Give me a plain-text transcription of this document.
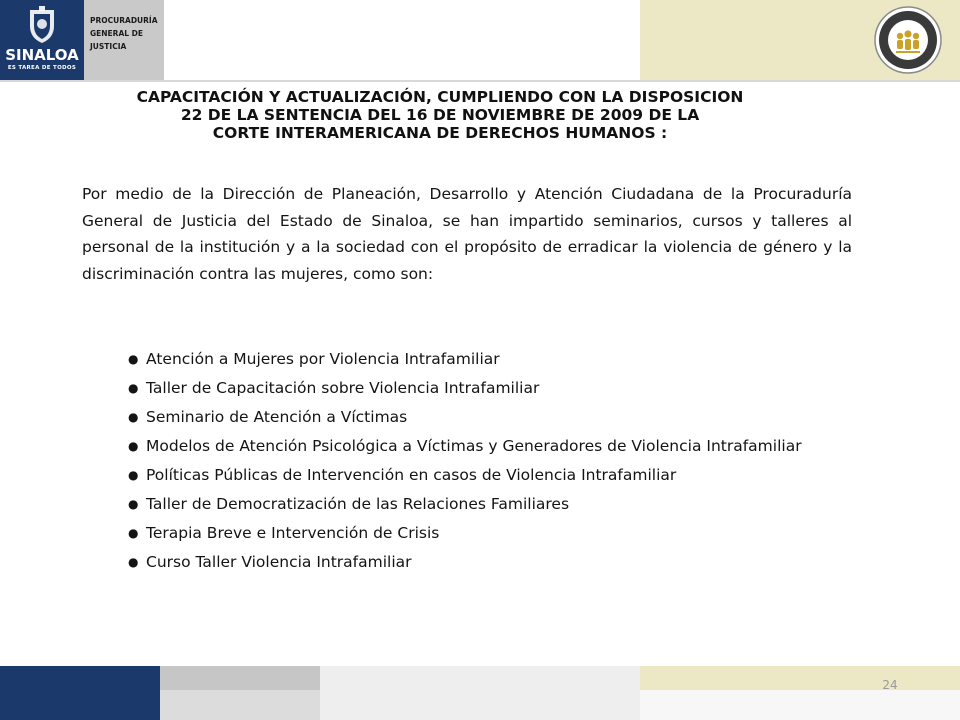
SINALOA
ES TAREA DE TODOS
PROCURADURÍA
GENERAL DE
JUSTICIA
CAPACITACIÓN Y ACTUALIZACIÓN, CUMPLIENDO CON LA DISPOSICION
22 DE LA SENTENCIA DEL 16 DE NOVIEMBRE DE 2009 DE LA
CORTE INTERAMERICANA DE DERECHOS HUMANOS :
Por medio de la Dirección de Planeación, Desarrollo y Atención Ciudadana de la Procuraduría General de Justicia del Estado de Sinaloa, se han impartido seminarios, cursos y talleres al personal de la institución y a la sociedad con el propósito de erradicar la violencia de género y la discriminación contra las mujeres, como son:
● Atención a Mujeres por Violencia Intrafamiliar
● Taller de Capacitación sobre Violencia Intrafamiliar
● Seminario de Atención a Víctimas
● Modelos de Atención Psicológica a Víctimas y Generadores de Violencia Intrafamiliar
● Políticas Públicas de Intervención en casos de Violencia Intrafamiliar
● Taller de Democratización de las Relaciones Familiares
● Terapia Breve e Intervención de Crisis
● Curso Taller Violencia Intrafamiliar
24
